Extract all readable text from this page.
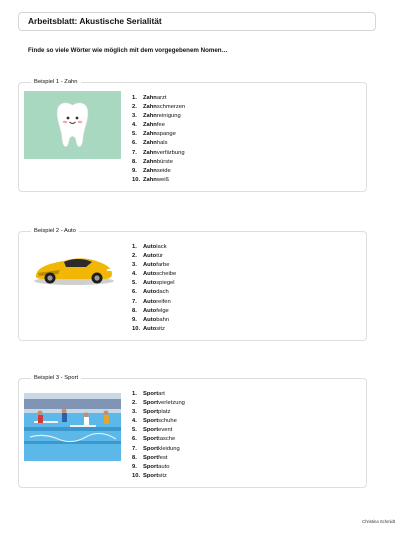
Arbeitsblatt: Akustische Serialität
Finde so viele Wörter wie möglich mit dem vorgegebenem Nomen…
Beispiel 1 - Zahn
1. Zahnarzt
2. Zahnschmerzen
3. Zahnreinigung
4. Zahnfee
5. Zahnspange
6. Zahnhals
7. Zahnverfärbung
8. Zahnbürste
9. Zahnseide
10. Zahnweiß
Beispiel 2 - Auto
1. Autolack
2. Autotür
3. Autofarbe
4. Autoscheibe
5. Autospiegel
6. Autodach
7. Autoreifen
8. Autofelge
9. Autobahn
10. Autositz
Beispiel 3 - Sport
1. Sportart
2. Sportverletzung
3. Sportplatz
4. Sportschuhe
5. Sportevent
6. Sporttasche
7. Sportkleidung
8. Sportfest
9. Sportauto
10. Sportsitz
Christina Schmidt
